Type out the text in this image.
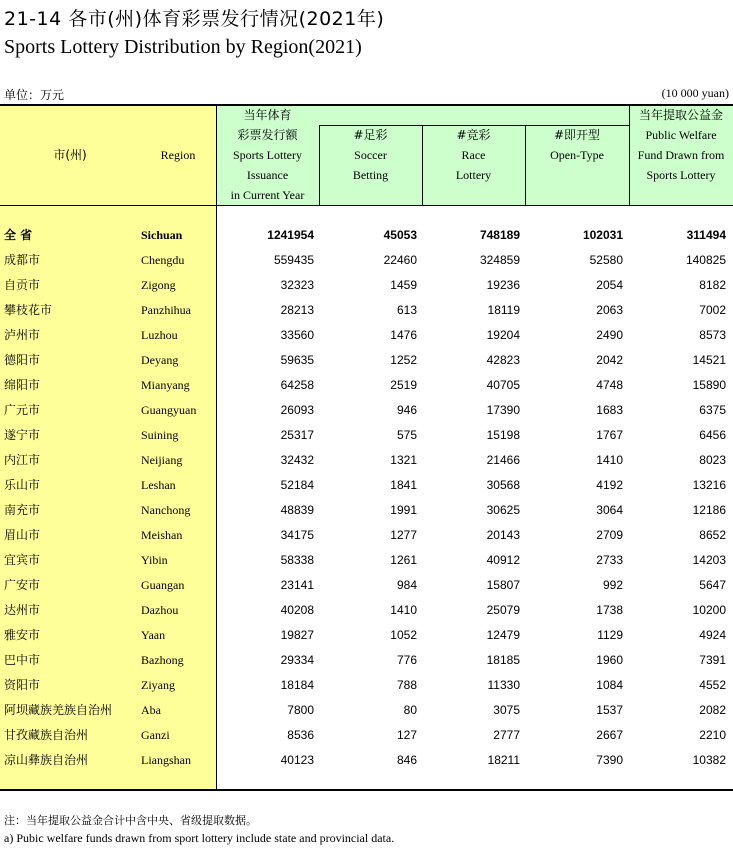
21-14 各市(州)体育彩票发行情况(2021年)
Sports Lottery Distribution by Region(2021)
单位：万元	(10 000 yuan)
市(州)	Region
当年体育
彩票发行额
Sports Lottery
Issuance
in Current Year
#足彩
Soccer
Betting
#竞彩
Race
Lottery
#即开型
Open-Type
当年提取公益金
Public Welfare
Fund Drawn from
Sports Lottery
全 省	Sichuan	1241954	45053	748189	102031	311494
成都市	Chengdu	559435	22460	324859	52580	140825
自贡市	Zigong	32323	1459	19236	2054	8182
攀枝花市	Panzhihua	28213	613	18119	2063	7002
泸州市	Luzhou	33560	1476	19204	2490	8573
德阳市	Deyang	59635	1252	42823	2042	14521
绵阳市	Mianyang	64258	2519	40705	4748	15890
广元市	Guangyuan	26093	946	17390	1683	6375
遂宁市	Suining	25317	575	15198	1767	6456
内江市	Neijiang	32432	1321	21466	1410	8023
乐山市	Leshan	52184	1841	30568	4192	13216
南充市	Nanchong	48839	1991	30625	3064	12186
眉山市	Meishan	34175	1277	20143	2709	8652
宜宾市	Yibin	58338	1261	40912	2733	14203
广安市	Guangan	23141	984	15807	992	5647
达州市	Dazhou	40208	1410	25079	1738	10200
雅安市	Yaan	19827	1052	12479	1129	4924
巴中市	Bazhong	29334	776	18185	1960	7391
资阳市	Ziyang	18184	788	11330	1084	4552
阿坝藏族羌族自治州 Aba	7800	80	3075	1537	2082
甘孜藏族自治州	Ganzi	8536	127	2777	2667	2210
凉山彝族自治州	Liangshan	40123	846	18211	7390	10382
注：当年提取公益金合计中含中央、省级提取数据。
a) Pubic welfare funds drawn from sport lottery include state and provincial data.
